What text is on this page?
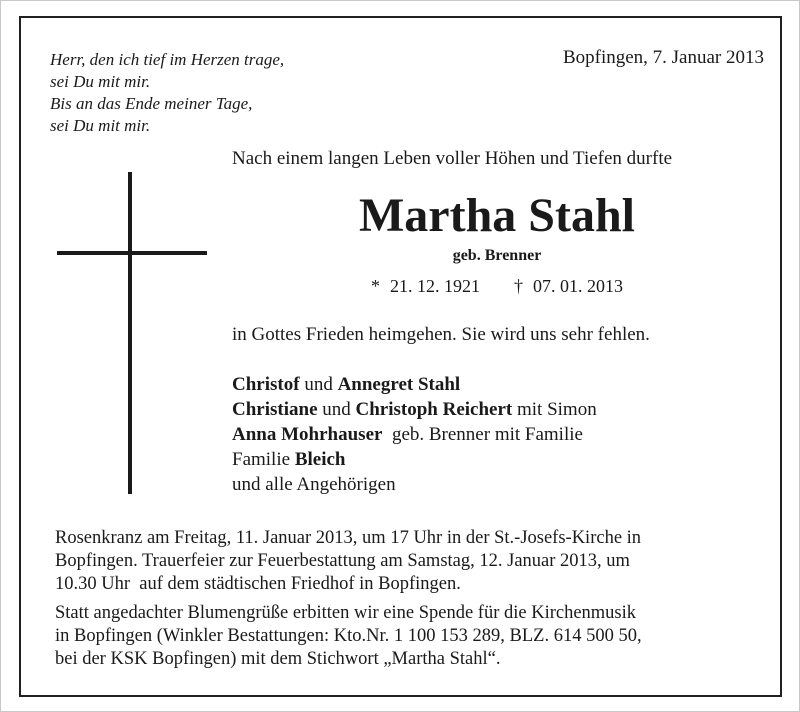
Herr, den ich tief im Herzen trage,
sei Du mit mir.
Bis an das Ende meiner Tage,
sei Du mit mir.
Bopfingen, 7. Januar 2013
Nach einem langen Leben voller Höhen und Tiefen durfte
Martha Stahl
geb. Brenner
* 21. 12. 1921 † 07. 01. 2013
in Gottes Frieden heimgehen. Sie wird uns sehr fehlen.
Christof und Annegret Stahl
Christiane und Christoph Reichert mit Simon
Anna Mohrhauser  geb. Brenner mit Familie
Familie Bleich
und alle Angehörigen

Rosenkranz am Freitag, 11. Januar 2013, um 17 Uhr in der St.-Josefs-Kirche in
Bopfingen. Trauerfeier zur Feuerbestattung am Samstag, 12. Januar 2013, um
10.30 Uhr  auf dem städtischen Friedhof in Bopfingen.

Statt angedachter Blumengrüße erbitten wir eine Spende für die Kirchenmusik
in Bopfingen (Winkler Bestattungen: Kto.Nr. 1 100 153 289, BLZ. 614 500 50,
bei der KSK Bopfingen) mit dem Stichwort „Martha Stahl“.
